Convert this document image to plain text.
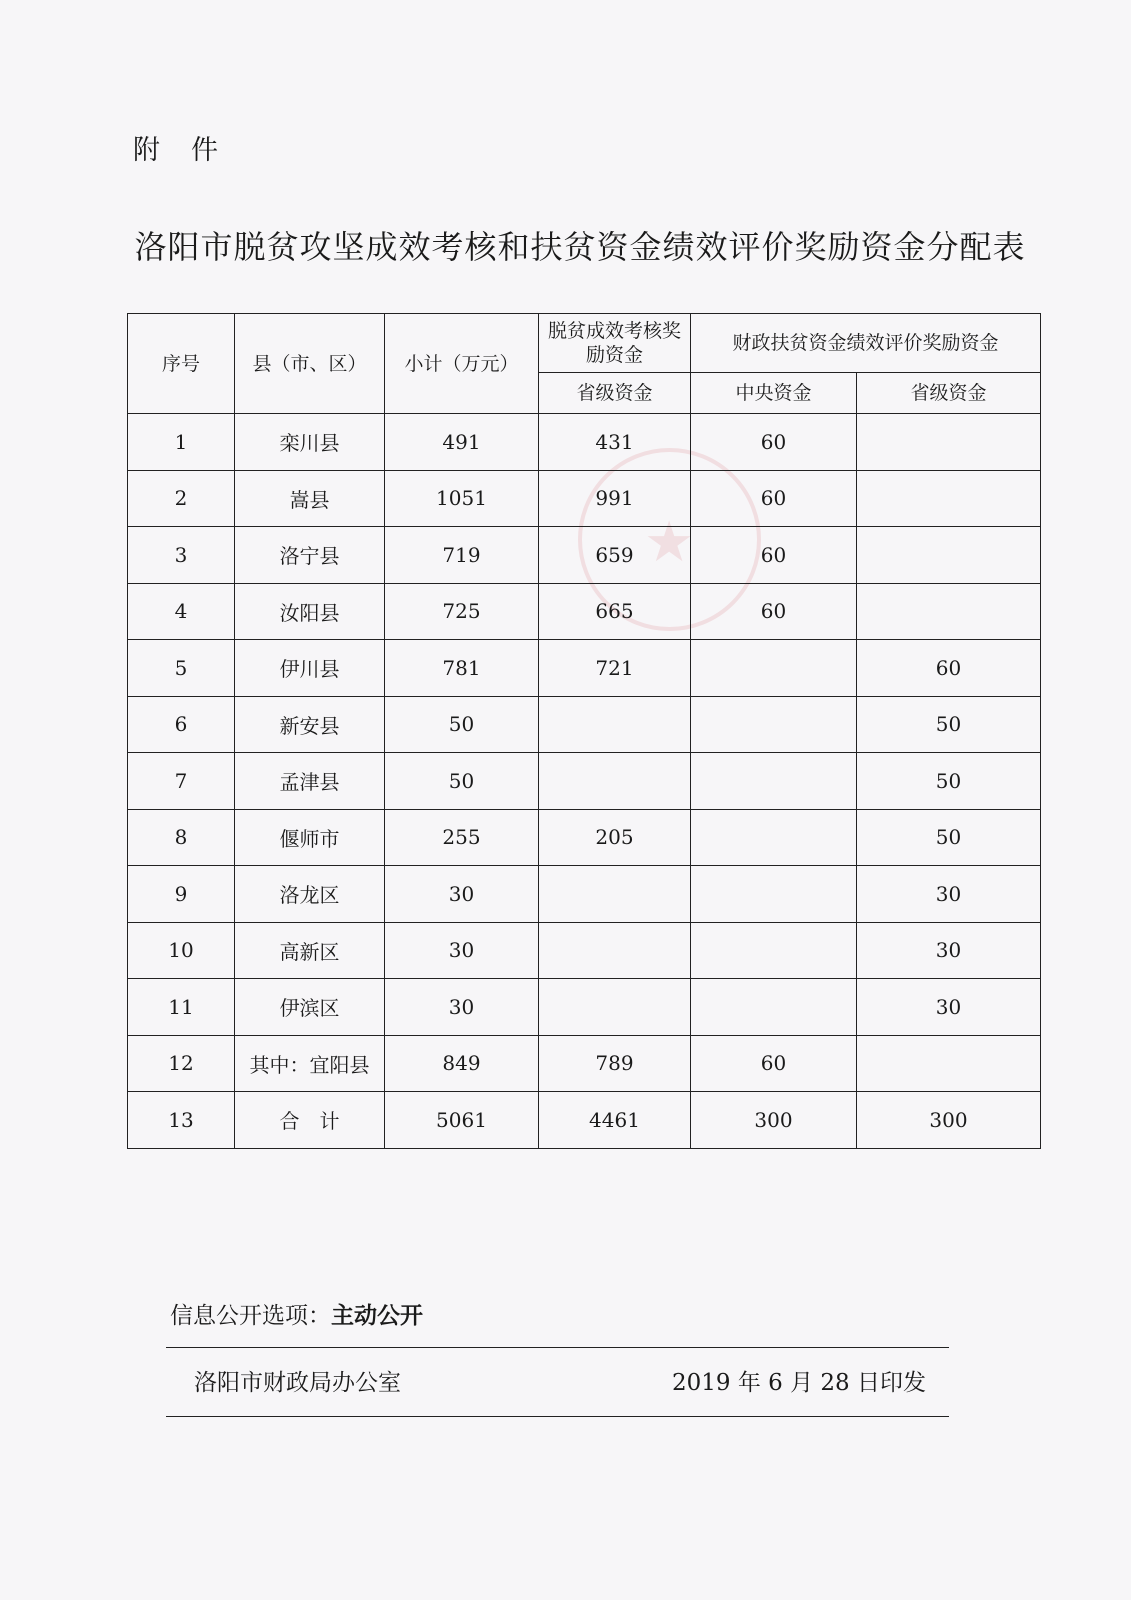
附　件
洛阳市脱贫攻坚成效考核和扶贫资金绩效评价奖励资金分配表
★
序号	县（市、区）	小计（万元）	脱贫成效考核奖励资金	财政扶贫资金绩效评价奖励资金	
			省级资金	中央资金	省级资金
1	栾川县	491	431	60	
2	嵩县	1051	991	60	
3	洛宁县	719	659	60	
4	汝阳县	725	665	60	
5	伊川县	781	721		60
6	新安县	50			50
7	孟津县	50			50
8	偃师市	255	205		50
9	洛龙区	30			30
10	高新区	30			30
11	伊滨区	30			30
12	其中：宜阳县	849	789	60	
13	合　计	5061	4461	300	300
信息公开选项：主动公开
洛阳市财政局办公室	2019 年 6 月 28 日印发
